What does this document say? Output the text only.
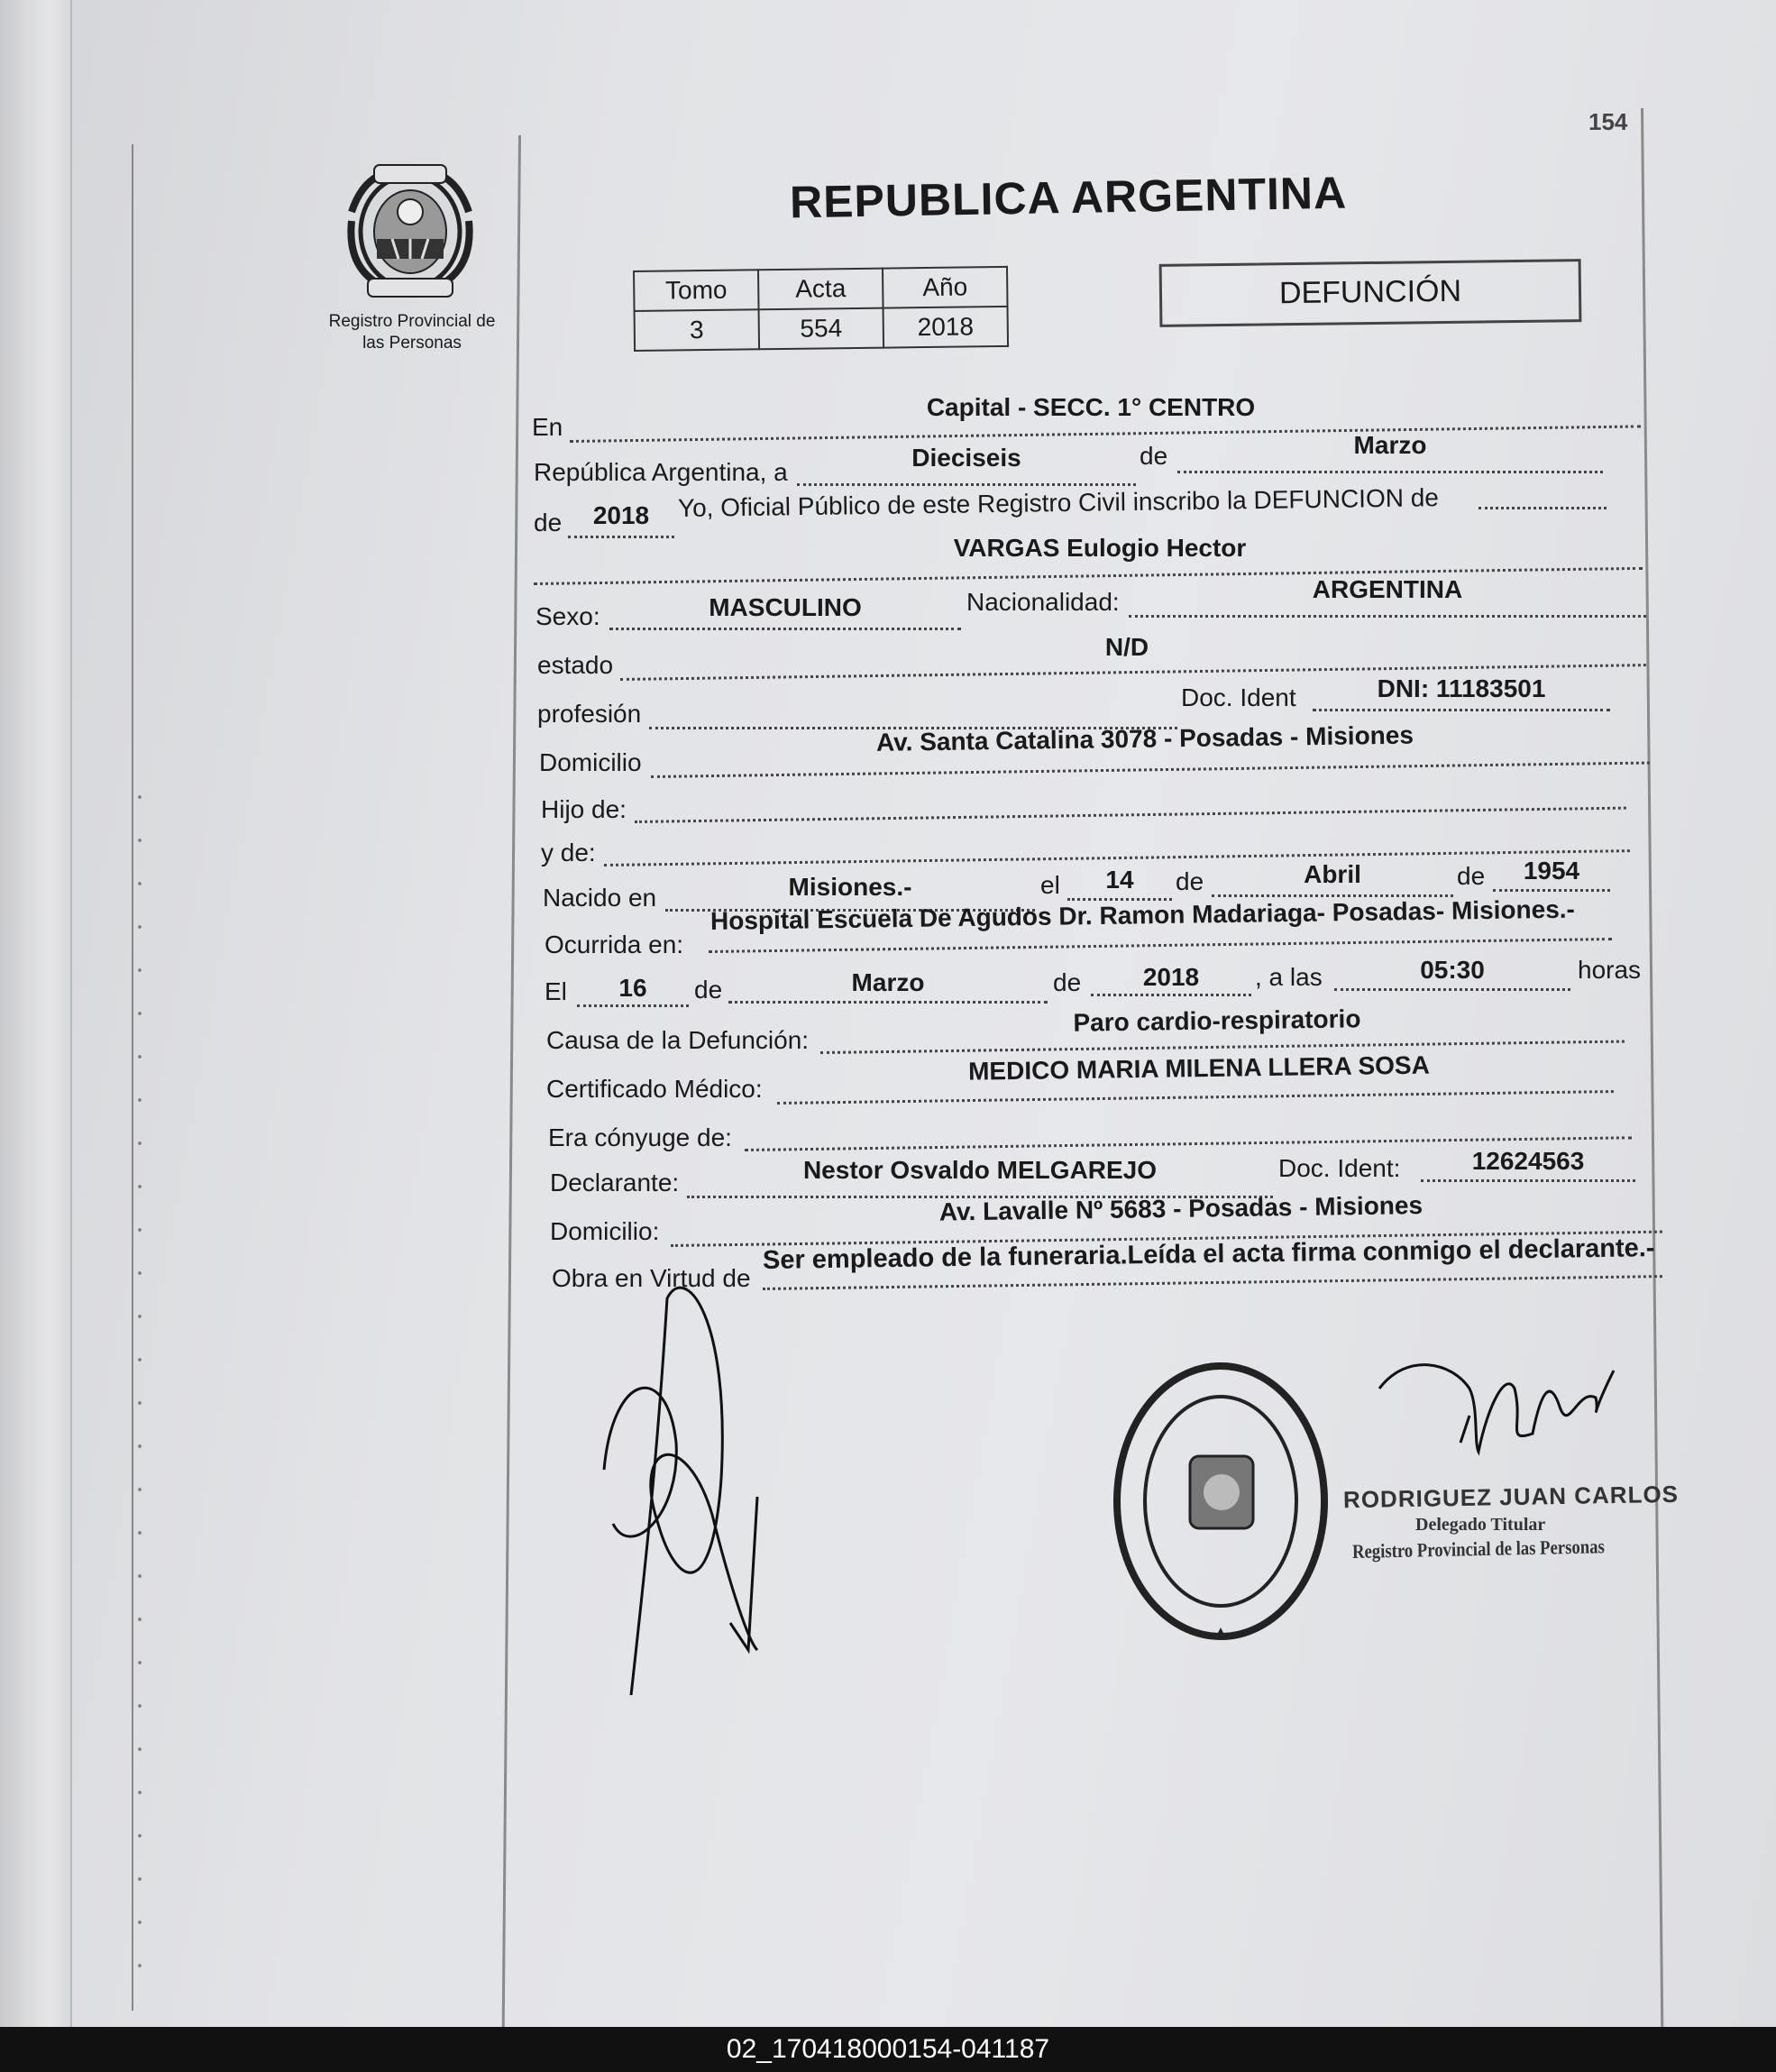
154
Registro Provincial de las Personas
REPUBLICA ARGENTINA
Tomo	Acta	Año
3	554	2018
DEFUNCIÓN
En
Capital - SECC. 1° CENTRO
República Argentina, a
Dieciseis	de	Marzo
de	2018	Yo, Oficial Público de este Registro Civil inscribo la DEFUNCION de
VARGAS Eulogio Hector
Sexo:	MASCULINO	Nacionalidad:	ARGENTINA
estado
N/D
profesión
Doc. Ident	DNI: 11183501
Domicilio
Av. Santa Catalina 3078 - Posadas - Misiones
Hijo de:
y de:
Nacido en	Misiones.-	el	14	de	Abril	de	1954
Ocurrida en:
Hospital Escuela De Agudos Dr. Ramon Madariaga- Posadas- Misiones.-
El	16	de	Marzo	de	2018	, a las	05:30	horas
Causa de la Defunción:
Paro cardio-respiratorio
Certificado Médico:
MEDICO MARIA MILENA LLERA SOSA
Era cónyuge de:
Declarante:	Nestor Osvaldo MELGAREJO	Doc. Ident:	12624563
Domicilio:
Av. Lavalle Nº 5683 - Posadas - Misiones
Obra en Virtud de
Ser empleado de la funeraria.Leída el acta firma conmigo el declarante.-
RODRIGUEZ JUAN CARLOS
Delegado Titular
Registro Provincial de las Personas
02_170418000154-041187
